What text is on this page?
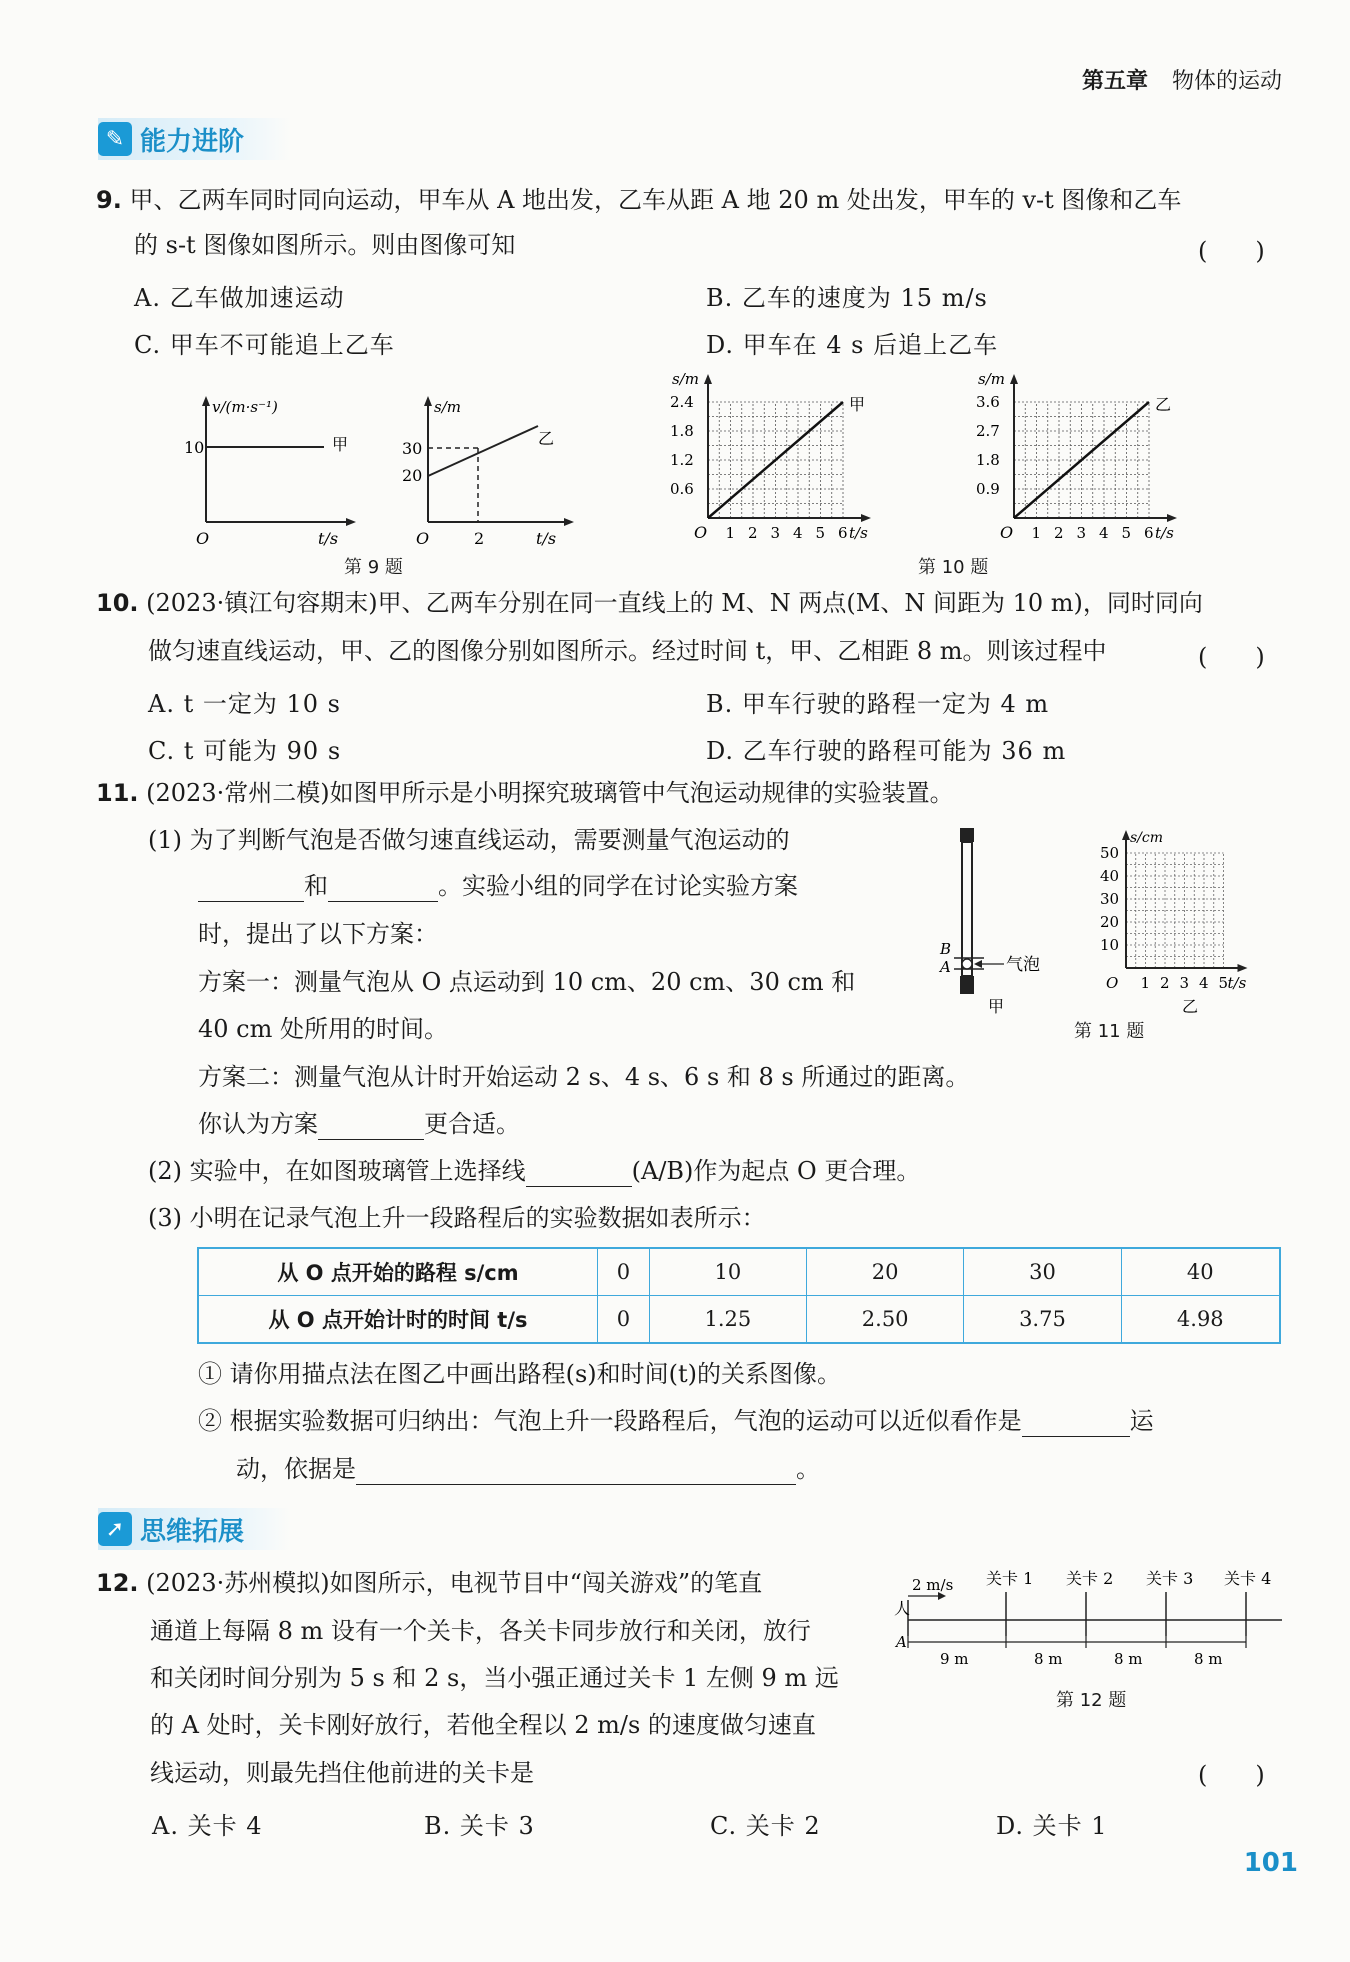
第五章 物体的运动
✎ 能力进阶
9. 甲、乙两车同时同向运动，甲车从 A 地出发，乙车从距 A 地 20 m 处出发，甲车的 v-t 图像和乙车
的 s-t 图像如图所示。则由图像可知	(　　)
A. 乙车做加速运动	B. 乙车的速度为 15 m/s
C. 甲车不可能追上乙车	D. 甲车在 4 s 后追上乙车
v/(m·s⁻¹)
10	甲
O	t/s
s/m
30
20
乙
O	2	t/s
第 9 题
s/m
2.4
1.8
1.2
0.6
甲
O 1 2 3 4 5 6 t/s
s/m
3.6
2.7
1.8
0.9
乙
O 1 2 3 4 5 6 t/s
第 10 题
10. (2023·镇江句容期末)甲、乙两车分别在同一直线上的 M、N 两点(M、N 间距为 10 m)，同时同向
做匀速直线运动，甲、乙的图像分别如图所示。经过时间 t，甲、乙相距 8 m。则该过程中	(　　)
A. t 一定为 10 s	B. 甲车行驶的路程一定为 4 m
C. t 可能为 90 s	D. 乙车行驶的路程可能为 36 m
11. (2023·常州二模)如图甲所示是小明探究玻璃管中气泡运动规律的实验装置。
(1) 为了判断气泡是否做匀速直线运动，需要测量气泡运动的
和	。实验小组的同学在讨论实验方案
时，提出了以下方案：
方案一：测量气泡从 O 点运动到 10 cm、20 cm、30 cm 和
40 cm 处所用的时间。
方案二：测量气泡从计时开始运动 2 s、4 s、6 s 和 8 s 所通过的距离。
你认为方案	更合适。
(2) 实验中，在如图玻璃管上选择线	(A/B)作为起点 O 更合理。
(3) 小明在记录气泡上升一段路程后的实验数据如表所示：
B
A	气泡
甲
s/cm
50
40
30
20
10
O 1 2 3 4 5 t/s
乙
第 11 题
从 O 点开始的路程 s/cm	0	10	20	30	40
从 O 点开始计时的时间 t/s	0	1.25	2.50	3.75	4.98
① 请你用描点法在图乙中画出路程(s)和时间(t)的关系图像。
② 根据实验数据可归纳出：气泡上升一段路程后，气泡的运动可以近似看作是	运
动，依据是	。
➚ 思维拓展
12. (2023·苏州模拟)如图所示，电视节目中“闯关游戏”的笔直
通道上每隔 8 m 设有一个关卡，各关卡同步放行和关闭，放行
和关闭时间分别为 5 s 和 2 s，当小强正通过关卡 1 左侧 9 m 远
的 A 处时，关卡刚好放行，若他全程以 2 m/s 的速度做匀速直
线运动，则最先挡住他前进的关卡是	(　　)
A. 关卡 4	B. 关卡 3	C. 关卡 2	D. 关卡 1
关卡 1 关卡 2 关卡 3 关卡 4
2 m/s
人
A
9 m	8 m	8 m	8 m
第 12 题
101
